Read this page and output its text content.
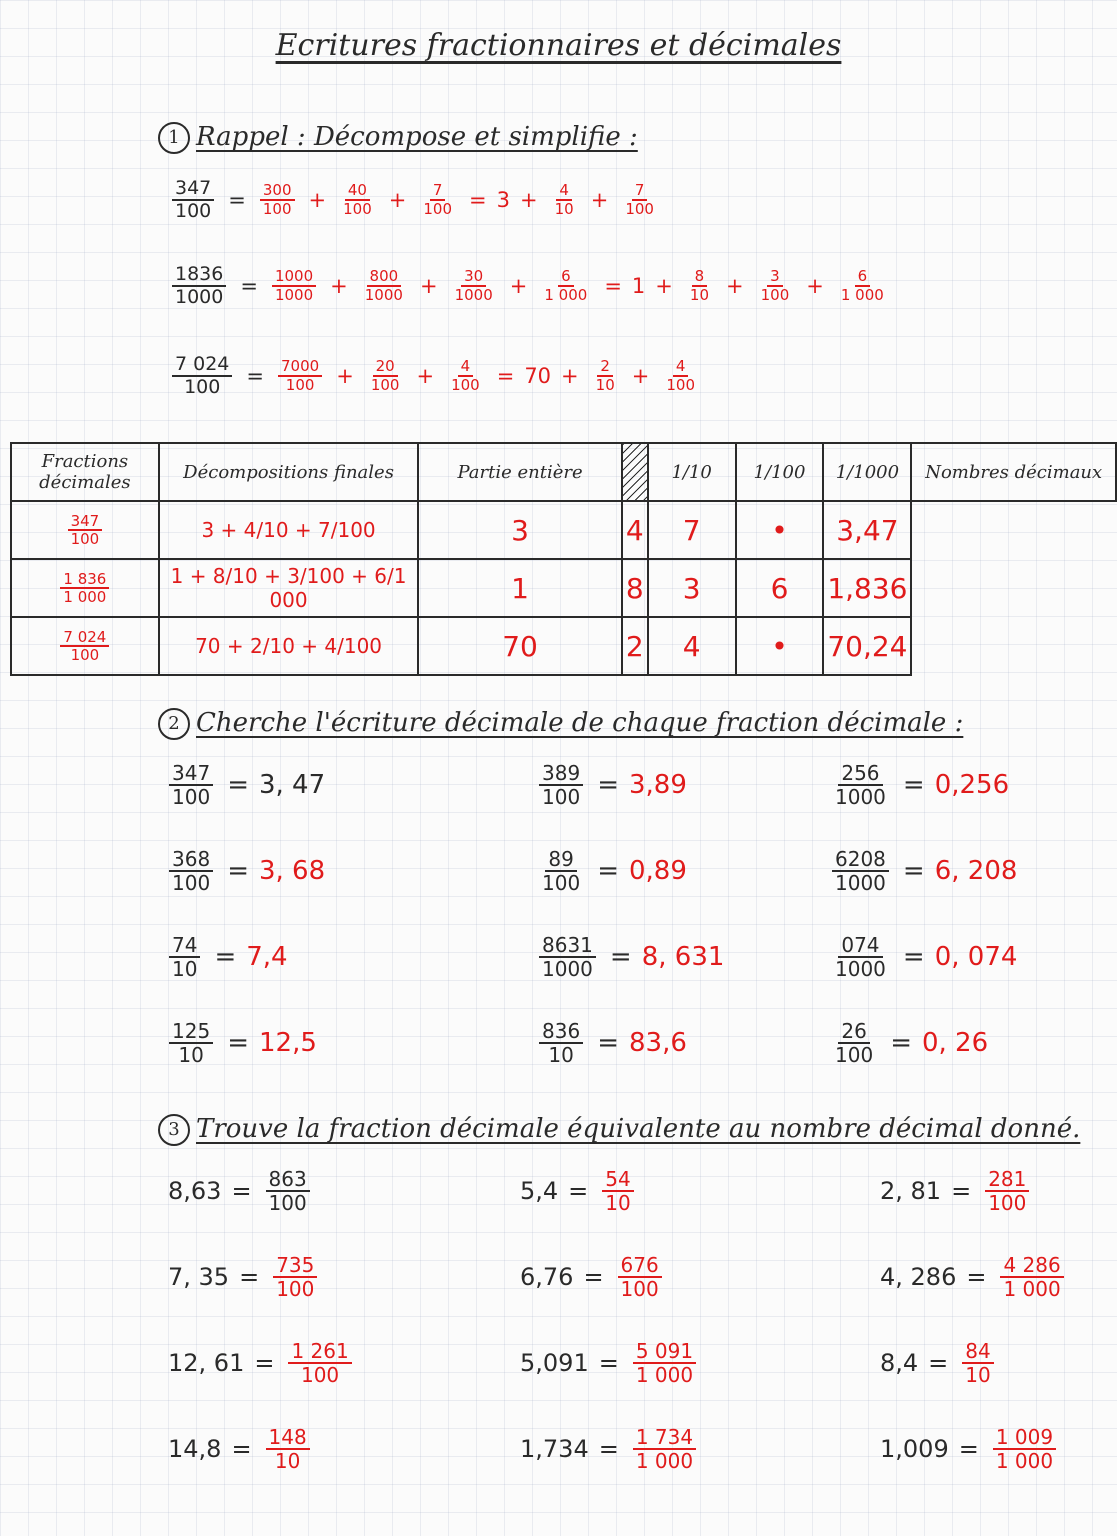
Ecritures fractionnaires et décimales
1 Rappel : Décompose et simplifie :
$\frac{347}{100} = \frac{300}{100} + \frac{40}{100} + \frac{7}{100} = 3 + \frac{4}{10} + \frac{7}{100}$
$\frac{1836}{1000} = \frac{1000}{1000} + \frac{800}{1000} + \frac{30}{1000} + \frac{6}{1 000} = 1 + \frac{8}{10} + \frac{3}{100} + \frac{6}{1 000}$
$\frac{7 024}{100} = \frac{7000}{100} + \frac{20}{100} + \frac{4}{100} = 70 + \frac{2}{10} + \frac{4}{100}$
Fractions décimales	Décompositions finales	Partie entière		1/10	1/100	1/1000	Nombres décimaux

$\frac{347}{100}$	3 + 4/10 + 7/100	3	4	7	•	3,47	

$\frac{1 836}{1 000}$	1 + 8/10 + 3/100 + 6/1 000	1	8	3	6	1,836	

$\frac{7 024}{100}$	70 + 2/10 + 4/100	70	2	4	•	70,24	
2 Cherche l'écriture décimale de chaque fraction décimale :
$\frac{347}{100} = 3$, 47	$\frac{389}{100} = 3,89$	$\frac{256}{1000} = 0,256$
$\frac{368}{100} = 3$, 68	$\frac{89}{100} = 0,89$	$\frac{6208}{1000} = 6$, 208
$\frac{74}{10} = 7,4$	$\frac{8631}{1000} = 8$, 631	$\frac{074}{1000} = 0$, 074
$\frac{125}{10} = 12,5$	$\frac{836}{10} = 83,6$	$\frac{26}{100} = 0$, 26
3 Trouve la fraction décimale équivalente au nombre décimal donné.
$8,63 = \frac{863}{100}$	$5,4 = \frac{54}{10}$	2, $81 = \frac{281}{100}$
7, $35 = \frac{735}{100}$	$6,76 = \frac{676}{100}$	4, $286 = \frac{4 286}{1 000}$
12, $61 = \frac{1 261}{100}$	$5,091 = \frac{5 091}{1 000}$	$8,4 = \frac{84}{10}$
$14,8 = \frac{148}{10}$	$1,734 = \frac{1 734}{1 000}$	$1,009 = \frac{1 009}{1 000}$
